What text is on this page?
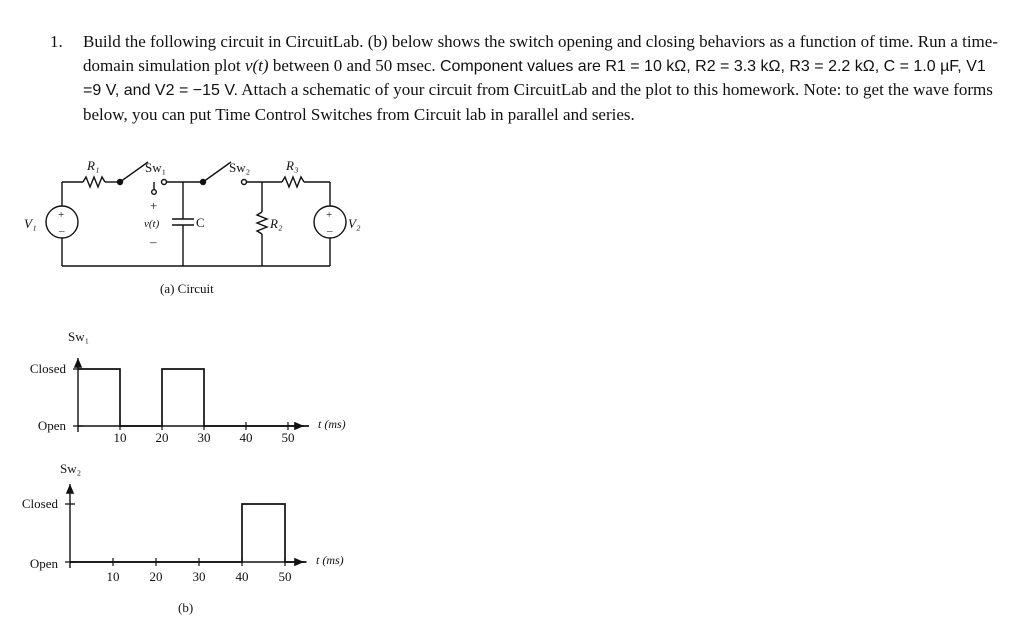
1. Build the following circuit in CircuitLab. (b) below shows the switch opening and closing behaviors as a function of time. Run a time-domain simulation plot v(t) between 0 and 50 msec. Component values are R1 = 10 kΩ, R2 = 3.3 kΩ, R3 = 2.2 kΩ, C = 1.0 µF, V1 =9 V, and V2 = −15 V. Attach a schematic of your circuit from CircuitLab and the plot to this homework. Note: to get the wave forms below, you can put Time Control Switches from Circuit lab in parallel and series.
R₁	Sw₁	Sw₂	R₃
V₁	V₂
R₂
C
v(t)
+
–
+
–
+
–
(a) Circuit
10 20 30 40 50
Sw₁
Closed
Open	t (ms)
10 20 30 40 50
Sw₂
Closed
Open	t (ms)
(b)
